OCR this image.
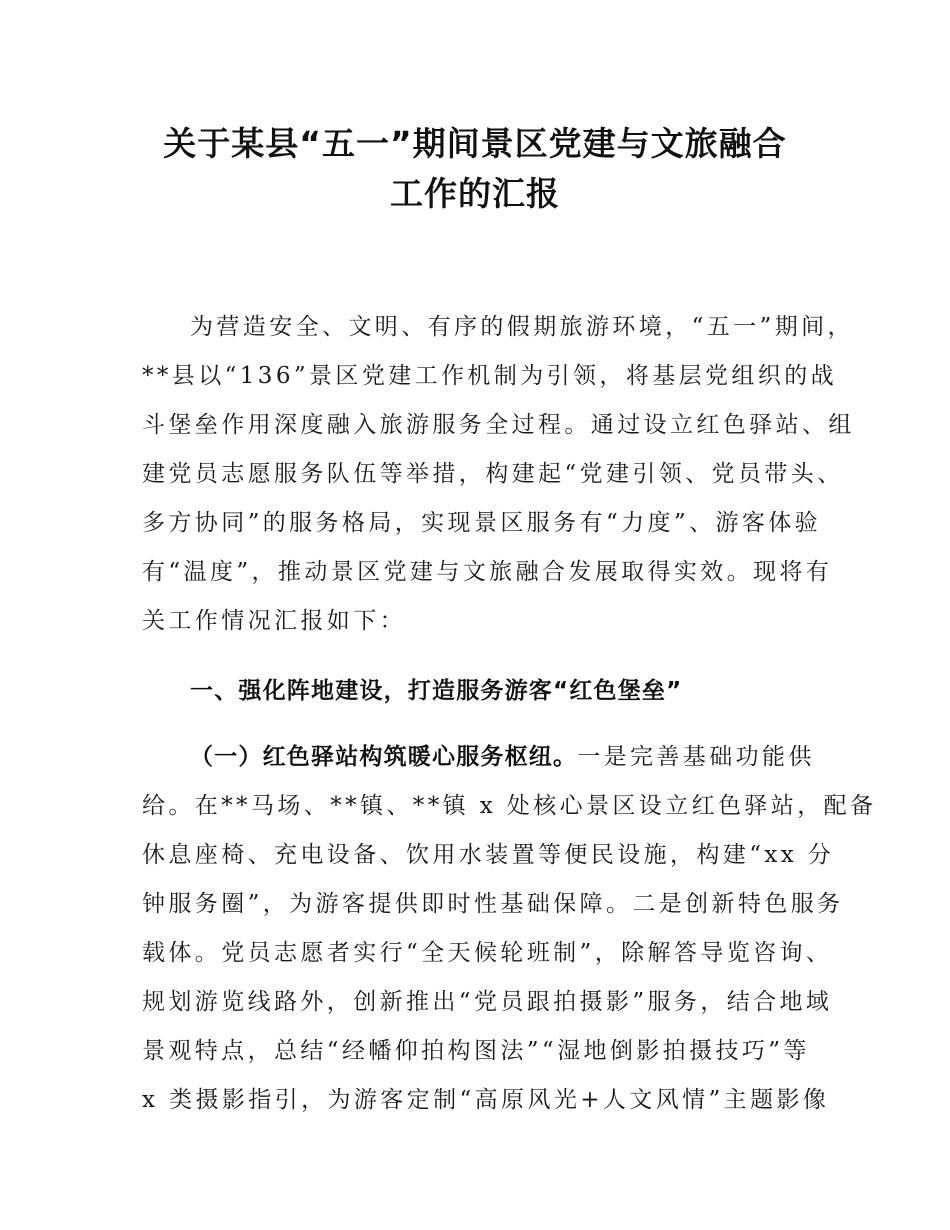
关于某县“五一”期间景区党建与文旅融合
工作的汇报
为营造安全、文明、有序的假期旅游环境，“五一”期间，
**县以“136”景区党建工作机制为引领，将基层党组织的战
斗堡垒作用深度融入旅游服务全过程。通过设立红色驿站、组
建党员志愿服务队伍等举措，构建起“党建引领、党员带头、
多方协同”的服务格局，实现景区服务有“力度”、游客体验
有“温度”，推动景区党建与文旅融合发展取得实效。现将有
关工作情况汇报如下：
一、强化阵地建设，打造服务游客“红色堡垒”
（一）红色驿站构筑暖心服务枢纽。一是完善基础功能供
给。在**马场、**镇、**镇 x 处核心景区设立红色驿站，配备
休息座椅、充电设备、饮用水装置等便民设施，构建“xx 分
钟服务圈”，为游客提供即时性基础保障。二是创新特色服务
载体。党员志愿者实行“全天候轮班制”，除解答导览咨询、
规划游览线路外，创新推出“党员跟拍摄影”服务，结合地域
景观特点，总结“经幡仰拍构图法”“湿地倒影拍摄技巧”等
x 类摄影指引，为游客定制“高原风光+人文风情”主题影像
